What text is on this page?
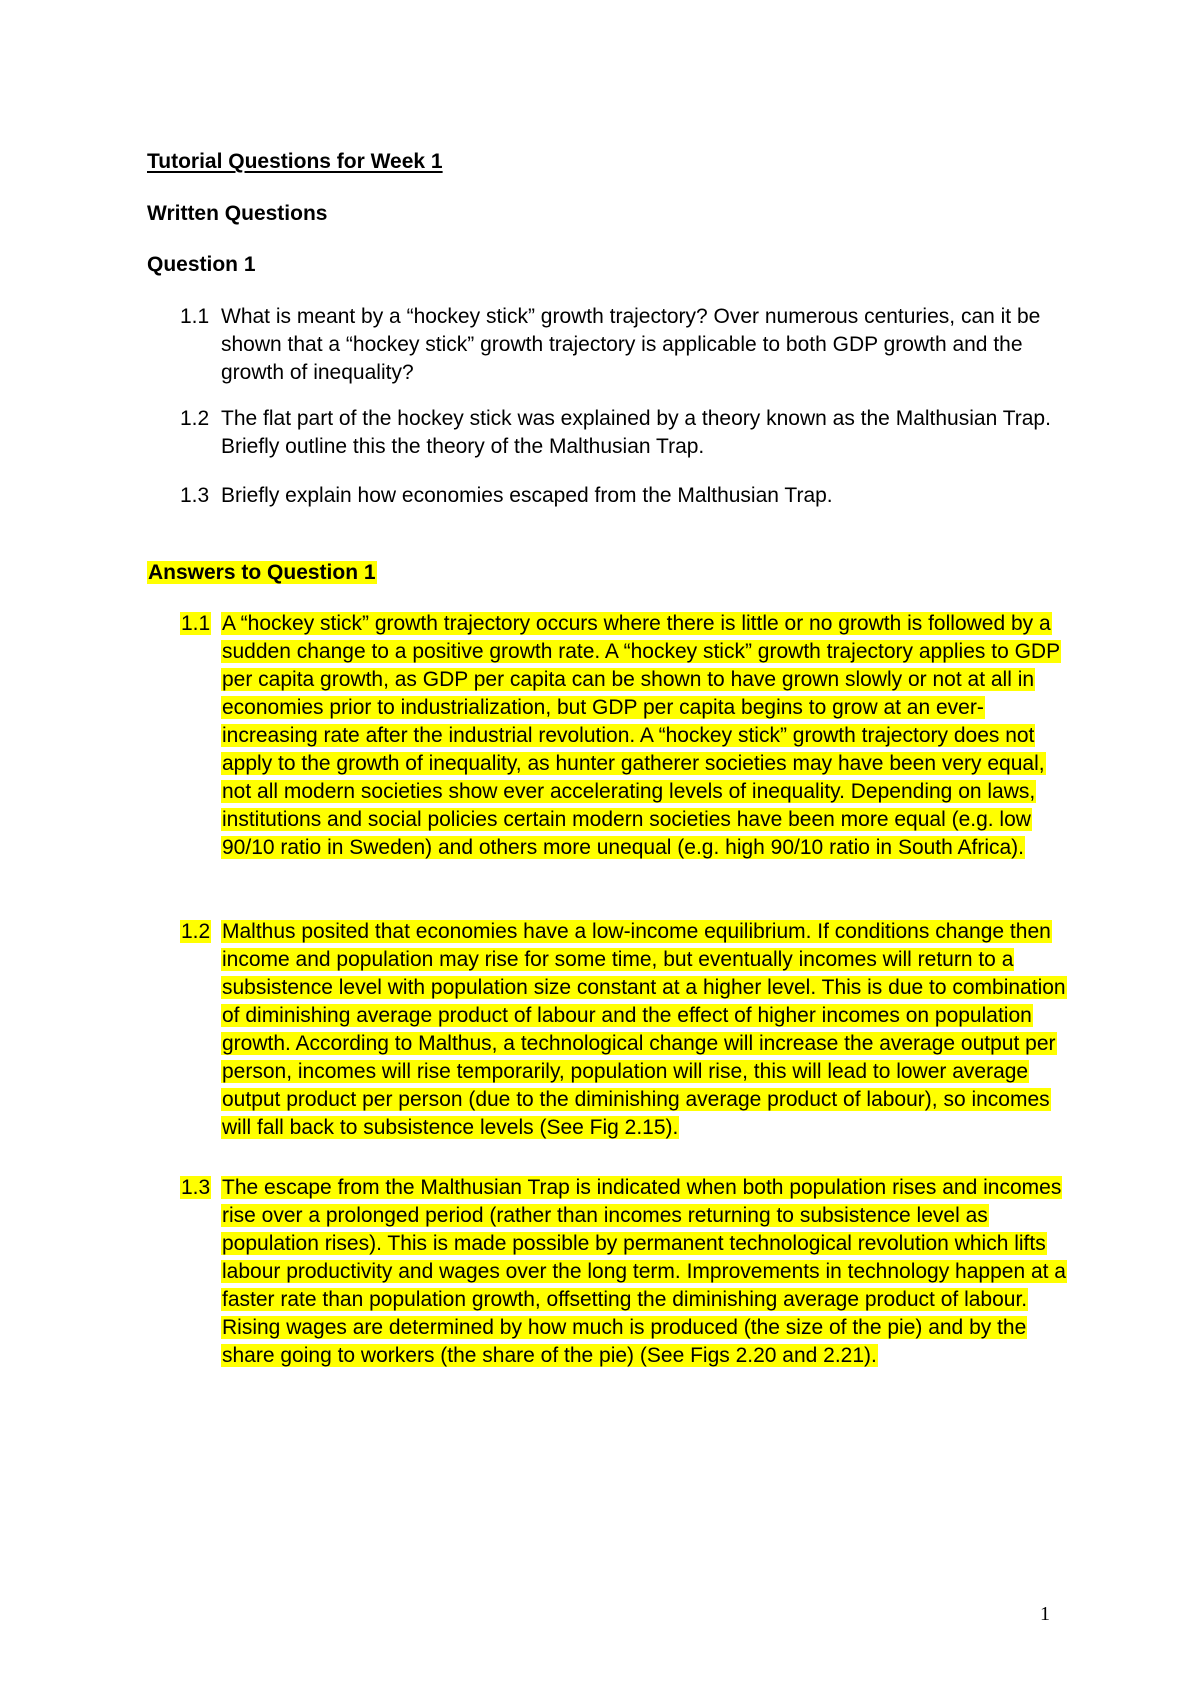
Tutorial Questions for Week 1
Written Questions
Question 1
1.1 What is meant by a “hockey stick” growth trajectory? Over numerous centuries, can it be shown that a “hockey stick” growth trajectory is applicable to both GDP growth and the growth of inequality?
1.2 The flat part of the hockey stick was explained by a theory known as the Malthusian Trap. Briefly outline this the theory of the Malthusian Trap.
1.3 Briefly explain how economies escaped from the Malthusian Trap.
Answers to Question 1
1.1 A “hockey stick” growth trajectory occurs where there is little or no growth is followed by a sudden change to a positive growth rate. A “hockey stick” growth trajectory applies to GDP per capita growth, as GDP per capita can be shown to have grown slowly or not at all in economies prior to industrialization, but GDP per capita begins to grow at an ever-increasing rate after the industrial revolution. A “hockey stick” growth trajectory does not apply to the growth of inequality, as hunter gatherer societies may have been very equal, not all modern societies show ever accelerating levels of inequality. Depending on laws, institutions and social policies certain modern societies have been more equal (e.g. low 90/10 ratio in Sweden) and others more unequal (e.g. high 90/10 ratio in South Africa).
1.2 Malthus posited that economies have a low-income equilibrium. If conditions change then income and population may rise for some time, but eventually incomes will return to a subsistence level with population size constant at a higher level. This is due to combination of diminishing average product of labour and the effect of higher incomes on population growth. According to Malthus, a technological change will increase the average output per person, incomes will rise temporarily, population will rise, this will lead to lower average output product per person (due to the diminishing average product of labour), so incomes will fall back to subsistence levels (See Fig 2.15).
1.3 The escape from the Malthusian Trap is indicated when both population rises and incomes rise over a prolonged period (rather than incomes returning to subsistence level as population rises). This is made possible by permanent technological revolution which lifts labour productivity and wages over the long term. Improvements in technology happen at a faster rate than population growth, offsetting the diminishing average product of labour. Rising wages are determined by how much is produced (the size of the pie) and by the share going to workers (the share of the pie) (See Figs 2.20 and 2.21).
1
